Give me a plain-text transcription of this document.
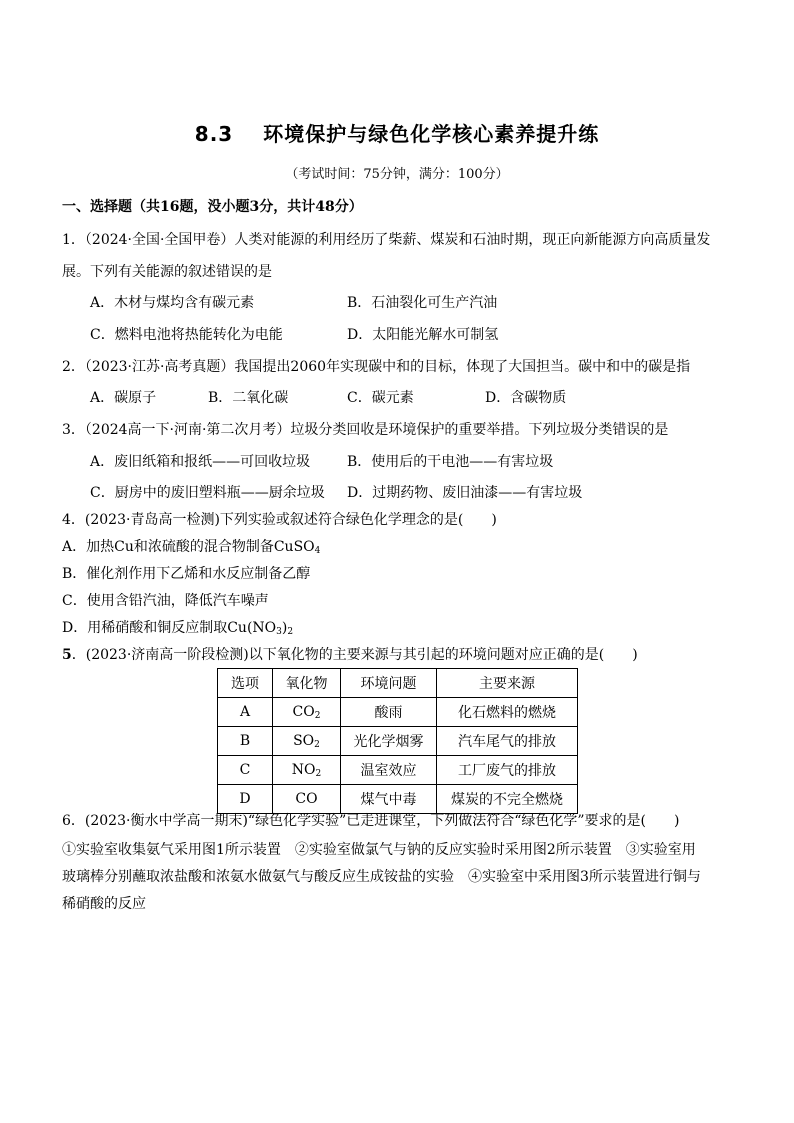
8.3 环境保护与绿色化学核心素养提升练
（考试时间：75分钟，满分：100分）
一、选择题（共16题，没小题3分，共计48分）
1．（2024·全国·全国甲卷）人类对能源的利用经历了柴薪、煤炭和石油时期，现正向新能源方向高质量发
展。下列有关能源的叙述错误的是
A．木材与煤均含有碳元素	B．石油裂化可生产汽油
C．燃料电池将热能转化为电能	D．太阳能光解水可制氢
2．（2023·江苏·高考真题）我国提出2060年实现碳中和的目标，体现了大国担当。碳中和中的碳是指
A．碳原子	B．二氧化碳	C．碳元素	D．含碳物质
3．（2024高一下·河南·第二次月考）垃圾分类回收是环境保护的重要举措。下列垃圾分类错误的是
A．废旧纸箱和报纸——可回收垃圾	B．使用后的干电池——有害垃圾
C．厨房中的废旧塑料瓶——厨余垃圾 D．过期药物、废旧油漆——有害垃圾
4．(2023·青岛高一检测)下列实验或叙述符合绿色化学理念的是(　　)
A．加热Cu和浓硫酸的混合物制备CuSO$_4$
B．催化剂作用下乙烯和水反应制备乙醇
C．使用含铅汽油，降低汽车噪声
D．用稀硝酸和铜反应制取$Cu(NO_3)_2$
5．(2023·济南高一阶段检测)以下氧化物的主要来源与其引起的环境问题对应正确的是(　　)
选项	氧化物	环境问题	主要来源
A	$CO_2$	酸雨	化石燃料的燃烧
B	$SO_2$	光化学烟雾	汽车尾气的排放
C	$NO_2$	温室效应	工厂废气的排放
D	CO	煤气中毒	煤炭的不完全燃烧
6．(2023·衡水中学高一期末)“绿色化学实验”已走进课堂，下列做法符合“绿色化学”要求的是(　　)
①实验室收集氨气采用图1所示装置　②实验室做氯气与钠的反应实验时采用图2所示装置　③实验室用
玻璃棒分别蘸取浓盐酸和浓氨水做氨气与酸反应生成铵盐的实验　④实验室中采用图3所示装置进行铜与
稀硝酸的反应
